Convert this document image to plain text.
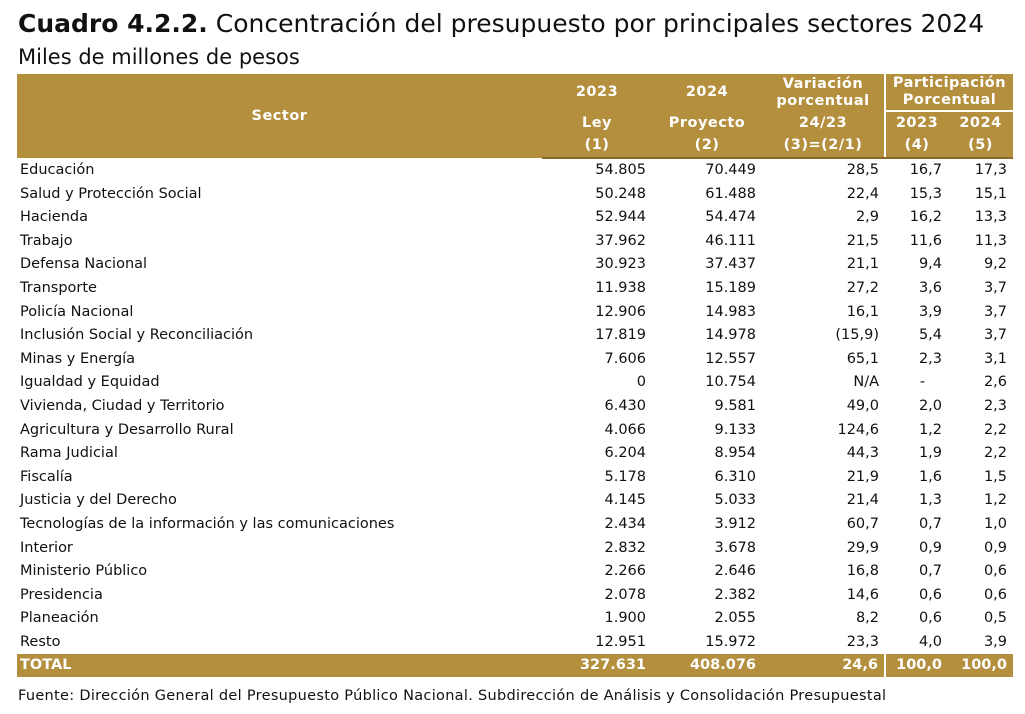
Cuadro 4.2.2. Concentración del presupuesto por principales sectores 2024
Miles de millones de pesos
Sector	2023	2024	Variación porcentual	Participación Porcentual	
	Ley	Proyecto	24/23	2023	2024
	(1)	(2)	(3)=(2/1)	(4)	(5)
Educación	54.805	70.449	28,5	16,7	17,3
Salud y Protección Social	50.248	61.488	22,4	15,3	15,1
Hacienda	52.944	54.474	2,9	16,2	13,3
Trabajo	37.962	46.111	21,5	11,6	11,3
Defensa Nacional	30.923	37.437	21,1	9,4	9,2
Transporte	11.938	15.189	27,2	3,6	3,7
Policía Nacional	12.906	14.983	16,1	3,9	3,7
Inclusión Social y Reconciliación	17.819	14.978	(15,9)	5,4	3,7
Minas y Energía	7.606	12.557	65,1	2,3	3,1
Igualdad y Equidad	0	10.754	N/A	-	2,6
Vivienda, Ciudad y Territorio	6.430	9.581	49,0	2,0	2,3
Agricultura y Desarrollo Rural	4.066	9.133	124,6	1,2	2,2
Rama Judicial	6.204	8.954	44,3	1,9	2,2
Fiscalía	5.178	6.310	21,9	1,6	1,5
Justicia y del Derecho	4.145	5.033	21,4	1,3	1,2
Tecnologías de la información y las comunicaciones	2.434	3.912	60,7	0,7	1,0
Interior	2.832	3.678	29,9	0,9	0,9
Ministerio Público	2.266	2.646	16,8	0,7	0,6
Presidencia	2.078	2.382	14,6	0,6	0,6
Planeación	1.900	2.055	8,2	0,6	0,5
Resto	12.951	15.972	23,3	4,0	3,9
TOTAL	327.631	408.076	24,6	100,0	100,0
Fuente: Dirección General del Presupuesto Público Nacional. Subdirección de Análisis y Consolidación Presupuestal
